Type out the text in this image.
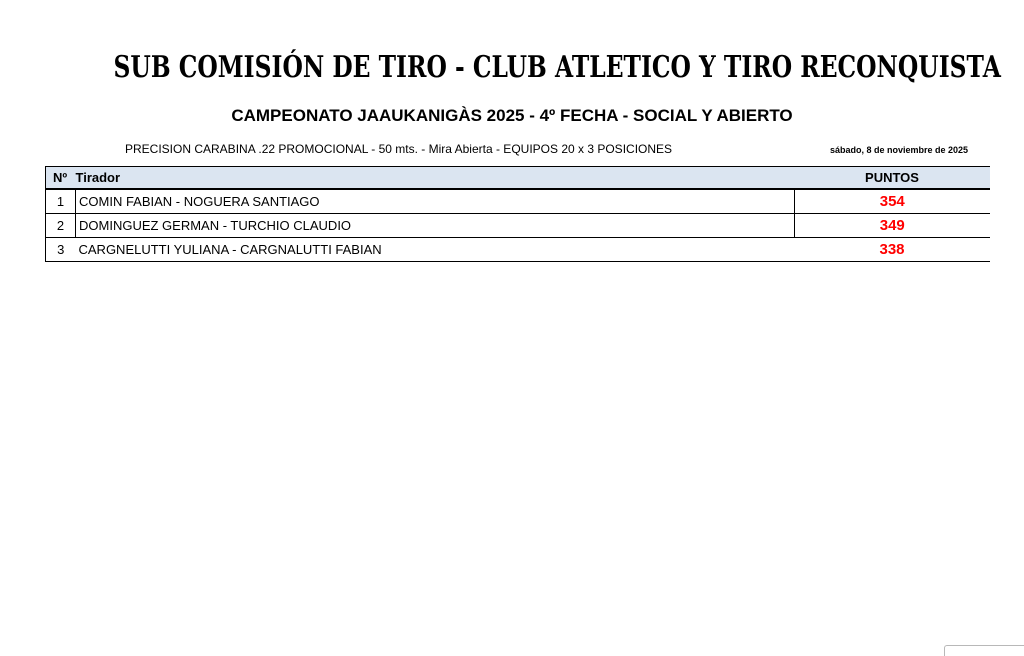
SUB COMISIÓN DE TIRO - CLUB ATLETICO Y TIRO RECONQUISTA
CAMPEONATO JAAUKANIGÀS 2025 - 4º FECHA - SOCIAL Y ABIERTO
PRECISION CARABINA .22 PROMOCIONAL - 50 mts. - Mira Abierta - EQUIPOS 20 x 3 POSICIONES	sábado, 8 de noviembre de 2025
Nº	Tirador	PUNTOS
1	COMIN FABIAN - NOGUERA SANTIAGO	354
2	DOMINGUEZ GERMAN - TURCHIO CLAUDIO	349
3	CARGNELUTTI YULIANA - CARGNALUTTI FABIAN	338
